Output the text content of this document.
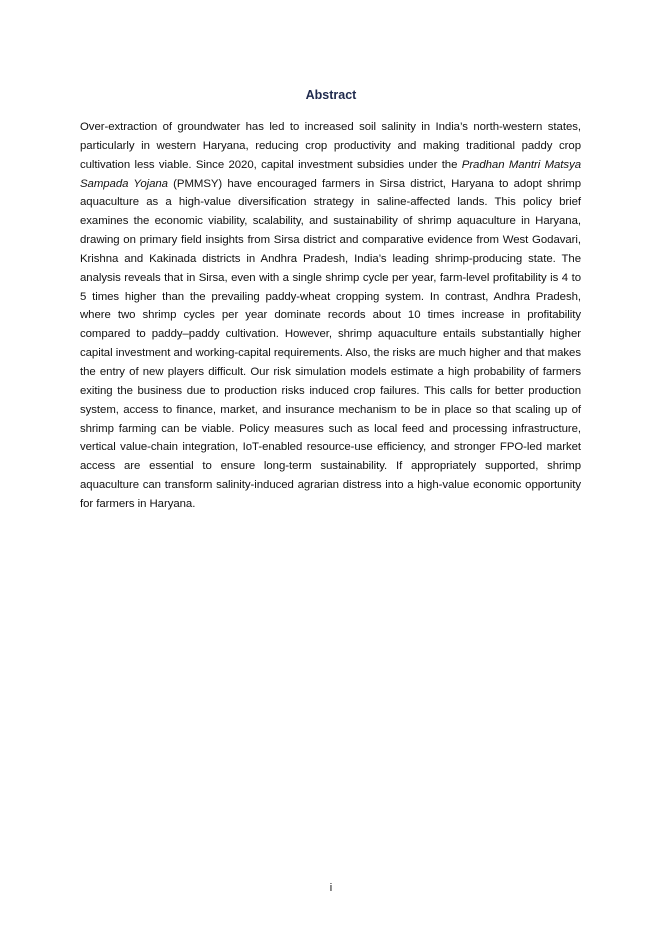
Abstract

Over-extraction of groundwater has led to increased soil salinity in India’s north-western states, particularly in western Haryana, reducing crop productivity and making traditional paddy crop cultivation less viable. Since 2020, capital investment subsidies under the Pradhan Mantri Matsya Sampada Yojana (PMMSY) have encouraged farmers in Sirsa district, Haryana to adopt shrimp aquaculture as a high-value diversification strategy in saline-affected lands. This policy brief examines the economic viability, scalability, and sustainability of shrimp aquaculture in Haryana, drawing on primary field insights from Sirsa district and comparative evidence from West Godavari, Krishna and Kakinada districts in Andhra Pradesh, India’s leading shrimp-producing state. The analysis reveals that in Sirsa, even with a single shrimp cycle per year, farm-level profitability is 4 to 5 times higher than the prevailing paddy-wheat cropping system. In contrast, Andhra Pradesh, where two shrimp cycles per year dominate records about 10 times increase in profitability compared to paddy–paddy cultivation. However, shrimp aquaculture entails substantially higher capital investment and working-capital requirements. Also, the risks are much higher and that makes the entry of new players difficult. Our risk simulation models estimate a high probability of farmers exiting the business due to production risks induced crop failures. This calls for better production system, access to finance, market, and insurance mechanism to be in place so that scaling up of shrimp farming can be viable. Policy measures such as local feed and processing infrastructure, vertical value-chain integration, IoT-enabled resource-use efficiency, and stronger FPO-led market access are essential to ensure long-term sustainability. If appropriately supported, shrimp aquaculture can transform salinity-induced agrarian distress into a high-value economic opportunity for farmers in Haryana.

i
